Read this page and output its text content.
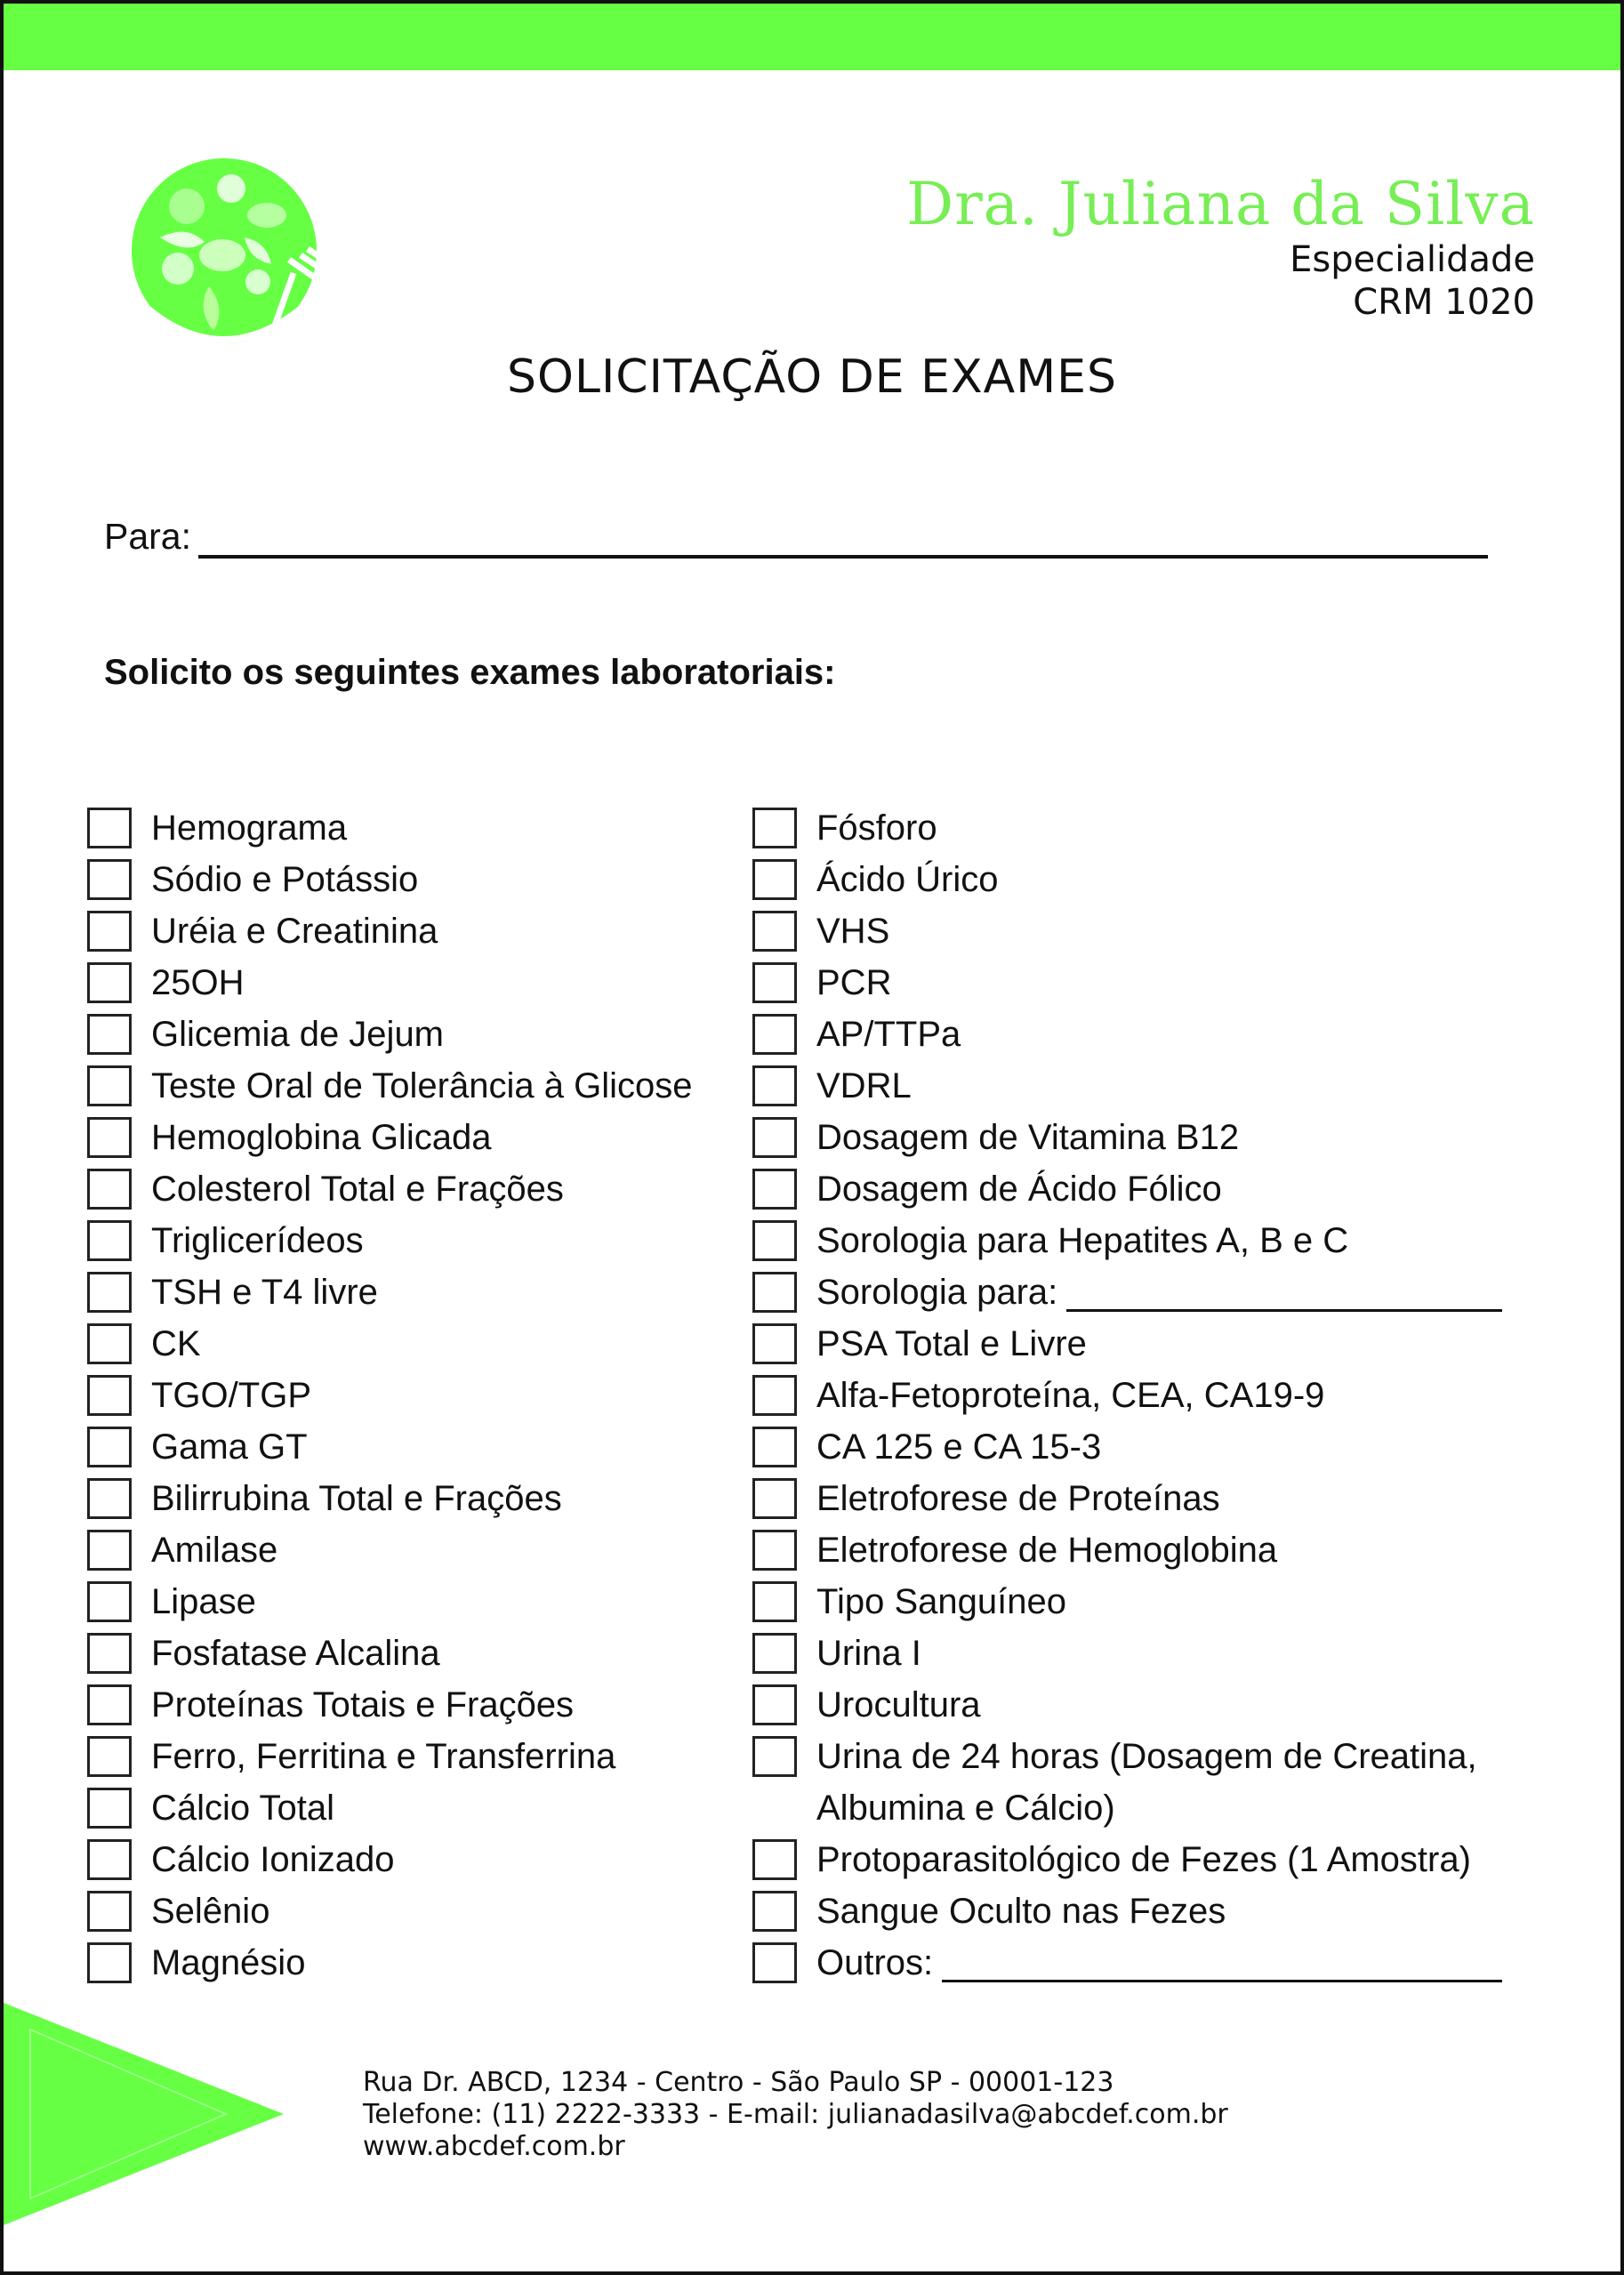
Dra. Juliana da Silva
Especialidade
CRM 1020
SOLICITAÇÃO DE EXAMES
Para:
Solicito os seguintes exames laboratoriais:
Hemograma
Sódio e Potássio
Uréia e Creatinina
25OH
Glicemia de Jejum
Teste Oral de Tolerância à Glicose
Hemoglobina Glicada
Colesterol Total e Frações
Triglicerídeos
TSH e T4 livre
CK
TGO/TGP
Gama GT
Bilirrubina Total e Frações
Amilase
Lipase
Fosfatase Alcalina
Proteínas Totais e Frações
Ferro, Ferritina e Transferrina
Cálcio Total
Cálcio Ionizado
Selênio
Magnésio
Fósforo
Ácido Úrico
VHS
PCR
AP/TTPa
VDRL
Dosagem de Vitamina B12
Dosagem de Ácido Fólico
Sorologia para Hepatites A, B e C
Sorologia para:
PSA Total e Livre
Alfa-Fetoproteína, CEA, CA19-9
CA 125 e CA 15-3
Eletroforese de Proteínas
Eletroforese de Hemoglobina
Tipo Sanguíneo
Urina I
Urocultura
Urina de 24 horas (Dosagem de Creatina, Albumina e Cálcio)
Protoparasitológico de Fezes (1 Amostra)
Sangue Oculto nas Fezes
Outros:
Rua Dr. ABCD, 1234 - Centro - São Paulo SP - 00001-123
Telefone: (11) 2222-3333 - E-mail: julianadasilva@abcdef.com.br
www.abcdef.com.br
